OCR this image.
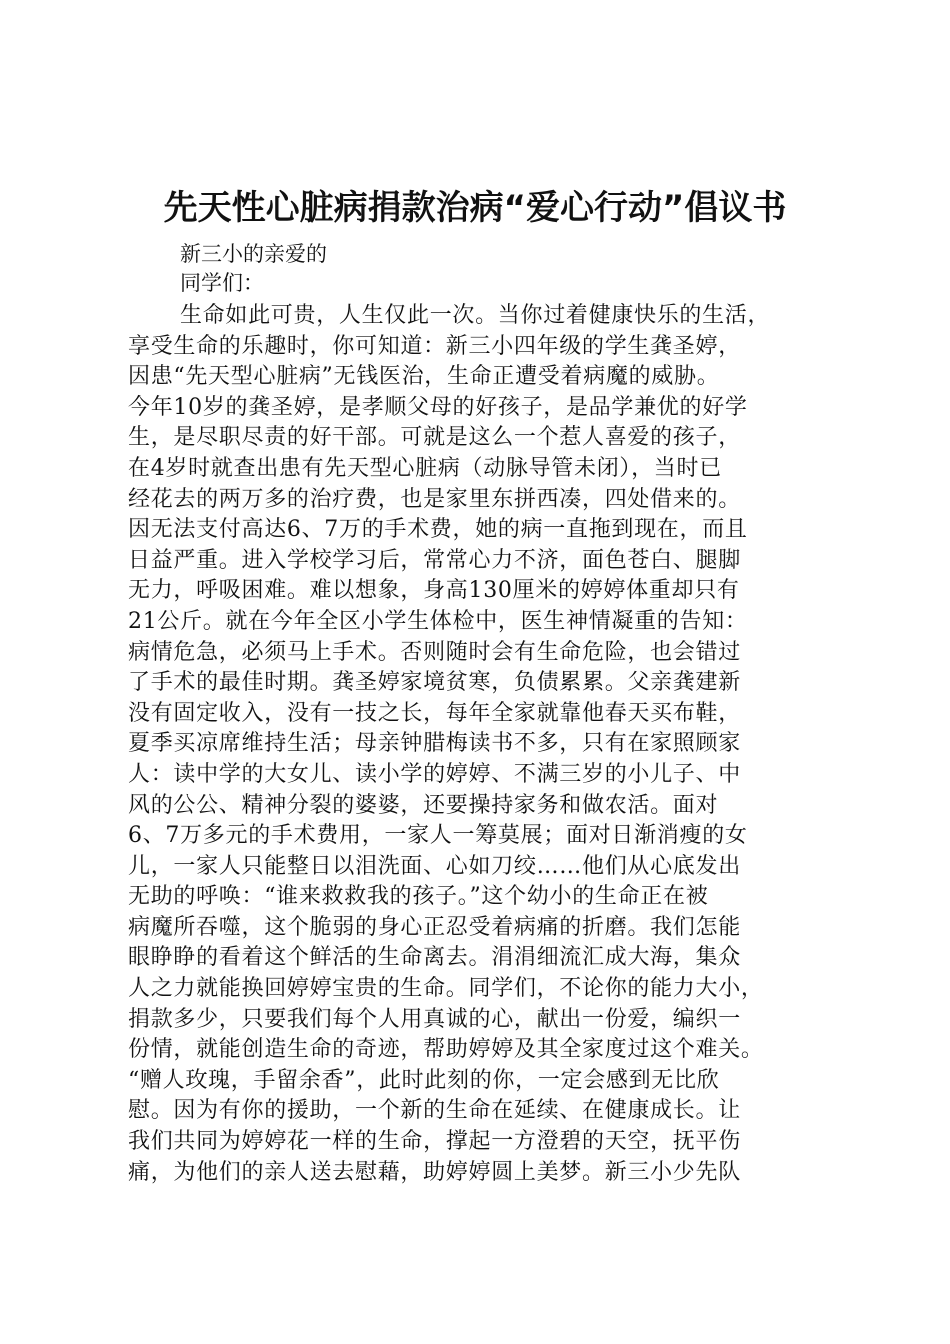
先天性心脏病捐款治病“爱心行动”倡议书
新三小的亲爱的
同学们：
生命如此可贵，人生仅此一次。当你过着健康快乐的生活，
享受生命的乐趣时，你可知道：新三小四年级的学生龚圣婷，
因患“先天型心脏病”无钱医治，生命正遭受着病魔的威胁。
今年10岁的龚圣婷，是孝顺父母的好孩子，是品学兼优的好学
生，是尽职尽责的好干部。可就是这么一个惹人喜爱的孩子，
在4岁时就查出患有先天型心脏病（动脉导管未闭），当时已
经花去的两万多的治疗费，也是家里东拼西凑，四处借来的。
因无法支付高达6、7万的手术费，她的病一直拖到现在，而且
日益严重。进入学校学习后，常常心力不济，面色苍白、腿脚
无力，呼吸困难。难以想象，身高130厘米的婷婷体重却只有
21公斤。就在今年全区小学生体检中，医生神情凝重的告知：
病情危急，必须马上手术。否则随时会有生命危险，也会错过
了手术的最佳时期。龚圣婷家境贫寒，负债累累。父亲龚建新
没有固定收入，没有一技之长，每年全家就靠他春天买布鞋，
夏季买凉席维持生活；母亲钟腊梅读书不多，只有在家照顾家
人：读中学的大女儿、读小学的婷婷、不满三岁的小儿子、中
风的公公、精神分裂的婆婆，还要操持家务和做农活。面对
6、7万多元的手术费用，一家人一筹莫展；面对日渐消瘦的女
儿，一家人只能整日以泪洗面、心如刀绞……他们从心底发出
无助的呼唤：“谁来救救我的孩子。”这个幼小的生命正在被
病魔所吞噬，这个脆弱的身心正忍受着病痛的折磨。我们怎能
眼睁睁的看着这个鲜活的生命离去。涓涓细流汇成大海，集众
人之力就能换回婷婷宝贵的生命。同学们，不论你的能力大小，
捐款多少，只要我们每个人用真诚的心，献出一份爱，编织一
份情，就能创造生命的奇迹，帮助婷婷及其全家度过这个难关。
“赠人玫瑰，手留余香”，此时此刻的你，一定会感到无比欣
慰。因为有你的援助，一个新的生命在延续、在健康成长。让
我们共同为婷婷花一样的生命，撑起一方澄碧的天空，抚平伤
痛，为他们的亲人送去慰藉，助婷婷圆上美梦。新三小少先队
